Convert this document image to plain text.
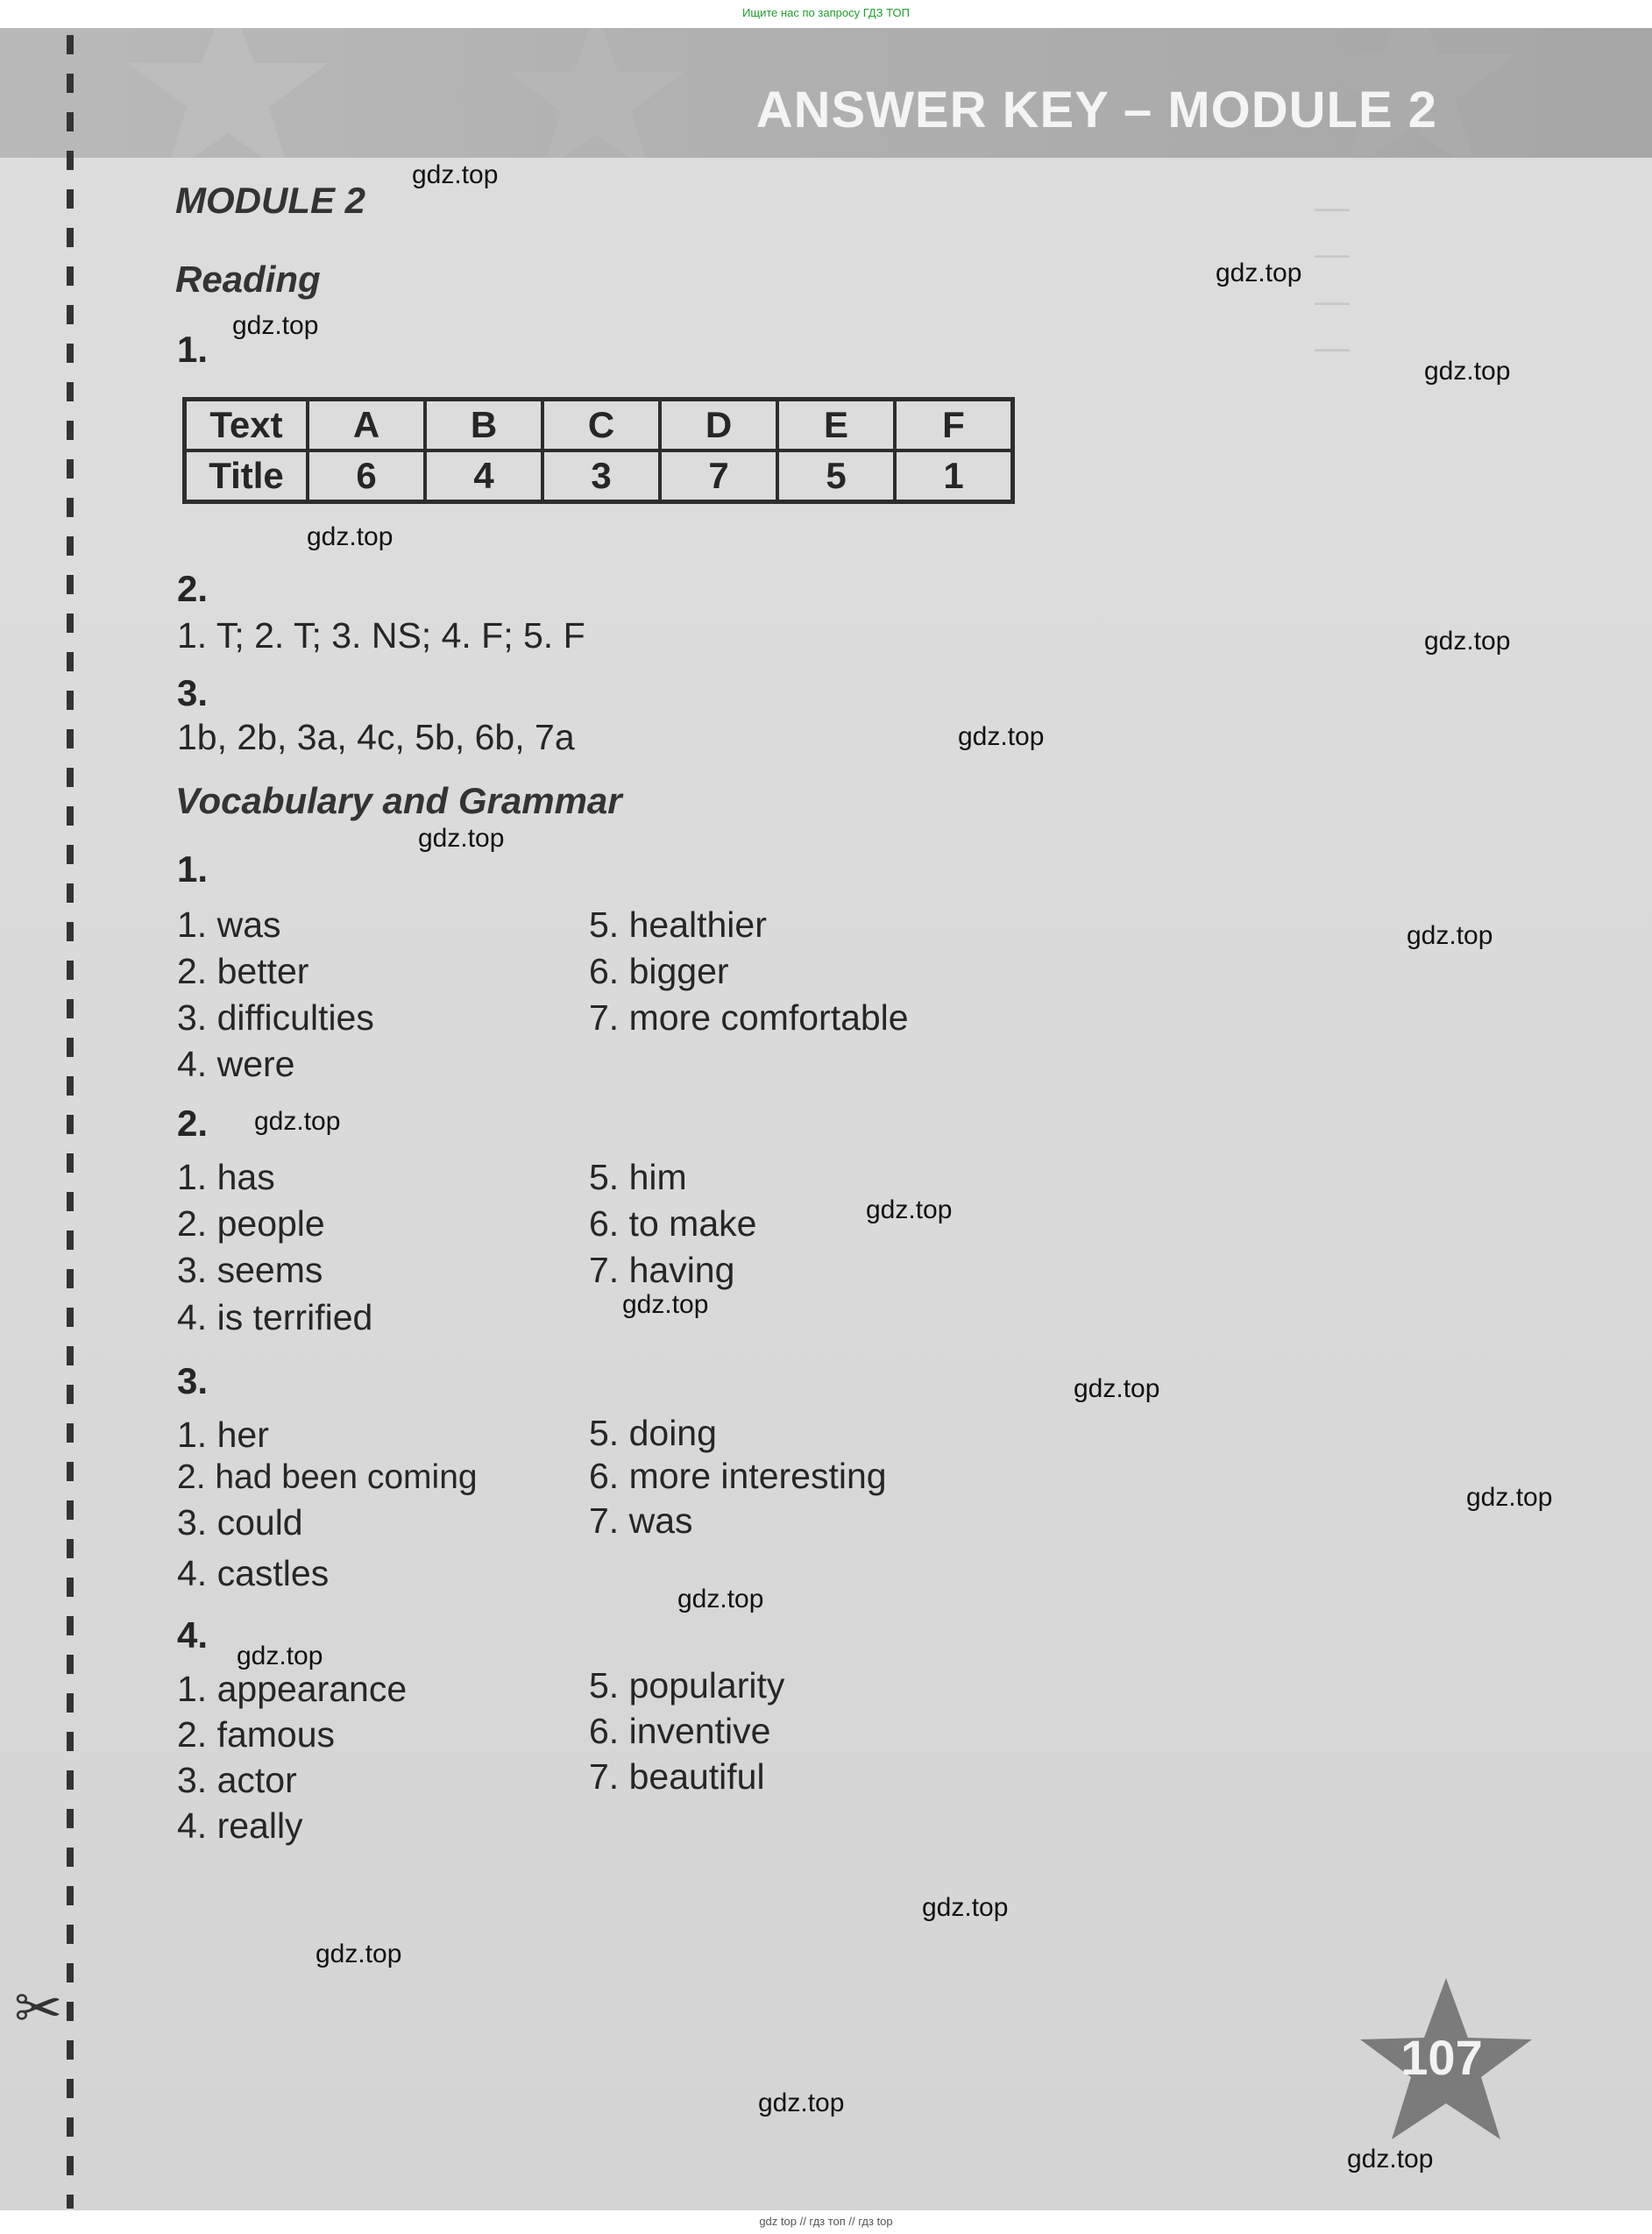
Ищите нас по запросу ГДЗ ТОП
—
—
—
—
ANSWER KEY – MODULE 2
✂
MODULE 2
Reading
1.
Text	A	B	C	D	E	F
Title	6	4	3	7	5	1
2.
1. T; 2. T; 3. NS; 4. F; 5. F
3.
1b, 2b, 3a, 4c, 5b, 6b, 7a
Vocabulary and Grammar
1.
1. was
2. better
3. difficulties
4. were
5. healthier
6. bigger
7. more comfortable
2.
1. has
2. people
3. seems
4. is terrified
5. him
6. to make
7. having
3.
1. her
2. had been coming
3. could
4. castles
5. doing
6. more interesting
7. was
4.
1. appearance
2. famous
3. actor
4. really
5. popularity
6. inventive
7. beautiful
107
gdz.top
gdz.top
gdz.top
gdz.top
gdz.top
gdz.top
gdz.top
gdz.top
gdz.top
gdz.top
gdz.top
gdz.top
gdz.top
gdz.top
gdz.top
gdz.top
gdz.top
gdz.top
gdz.top
gdz.top
gdz top // гдз топ // гдз top
